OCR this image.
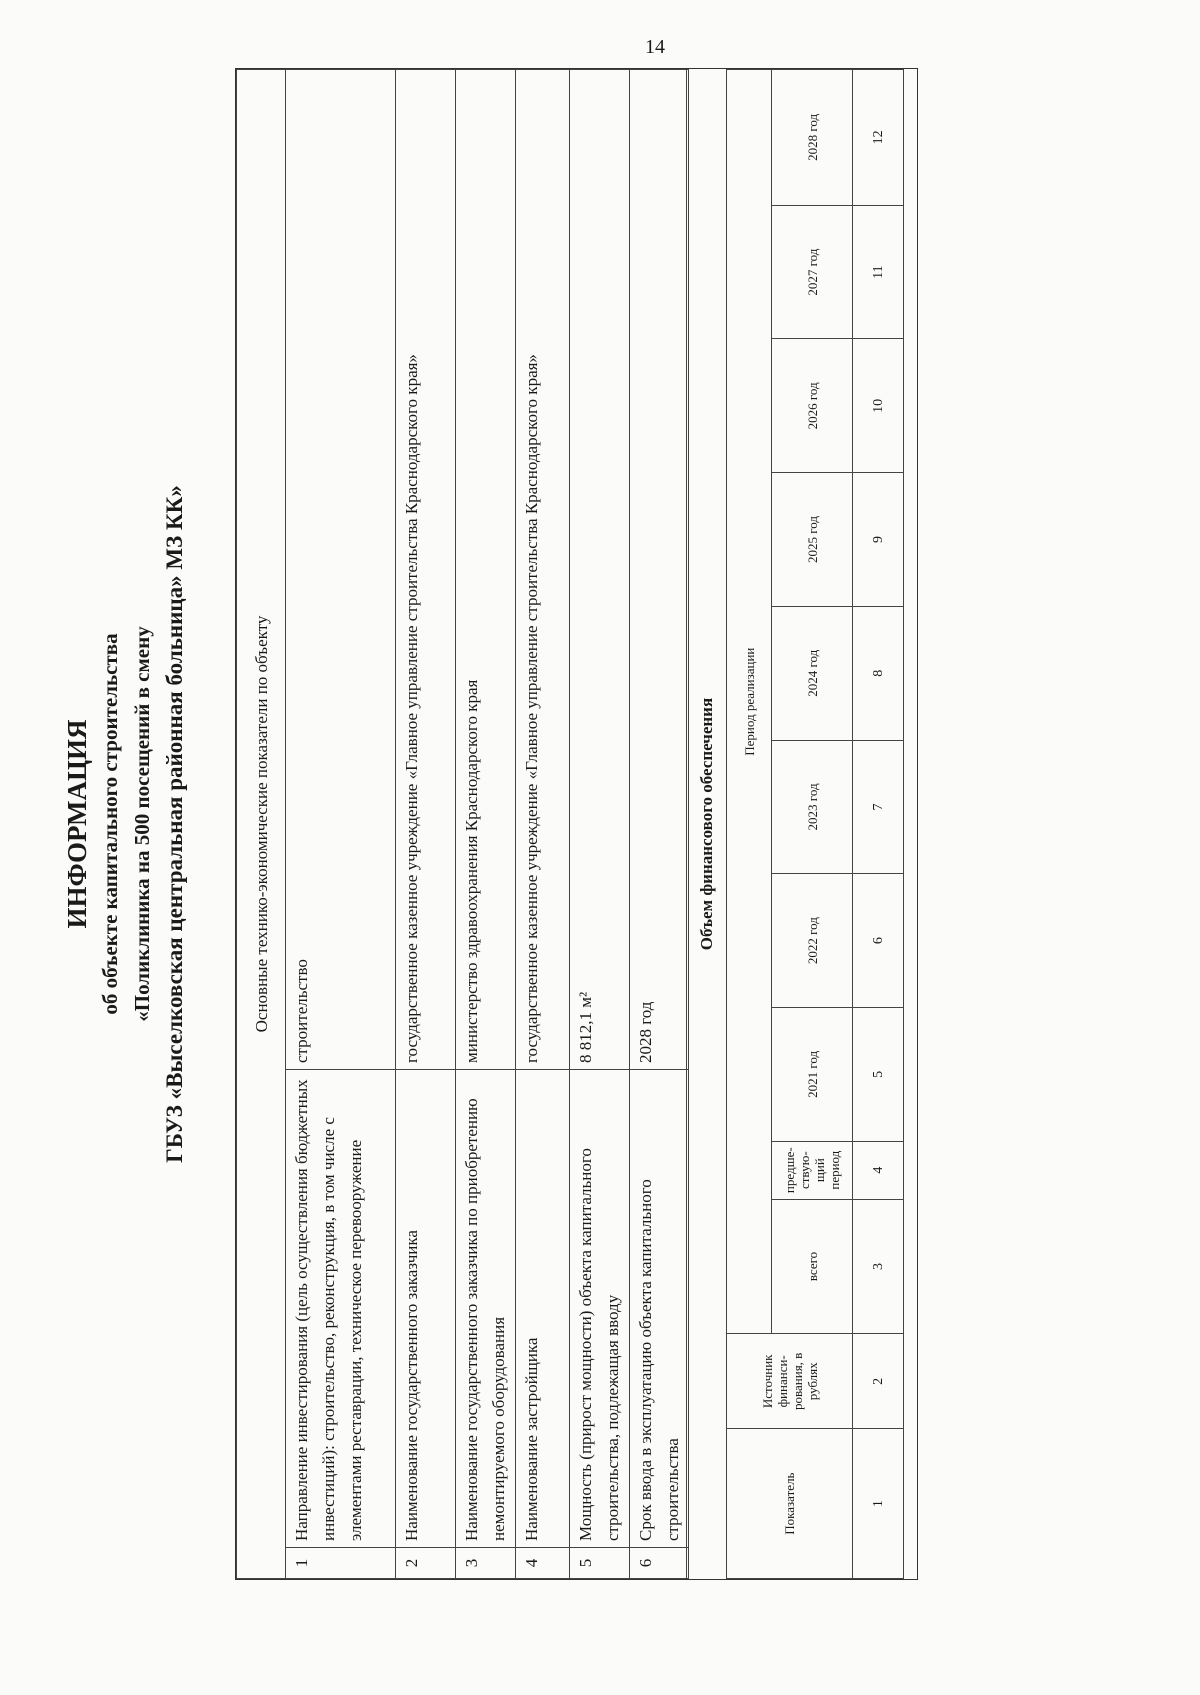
14
ИНФОРМАЦИЯ об объекте капитального строительства «Поликлиника на 500 посещений в смену ГБУЗ «Выселковская центральная районная больница» МЗ КК»	Основные технико-экономические показатели по объекту		
1	Направление инвестирования (цель осуществления бюджетных инвестиций): строительство, реконструкция, в том числе с элементами реставрации, техническое перевооружение	строительство
2	Наименование государственного заказчика	государственное казенное учреждение «Главное управление строительства Краснодарского края»
3	Наименование государственного заказчика по приобретению немонтируемого оборудования	министерство здравоохранения Краснодарского края
4	Наименование застройщика	государственное казенное учреждение «Главное управление строительства Краснодарского края»
5	Мощность (прирост мощности) объекта капитального строительства, подлежащая вводу	8 812,1 м²
6	Срок ввода в эксплуатацию объекта капитального строительства	2028 год
Объем финансового обеспечения
Показатель	Источник финанси-рования, в рублях	Период реализации									
		всего	предше-ствую-щий период	2021 год	2022 год	2023 год	2024 год	2025 год	2026 год	2027 год	2028 год
1	2	3	4	5	6	7	8	9	10	11	12
